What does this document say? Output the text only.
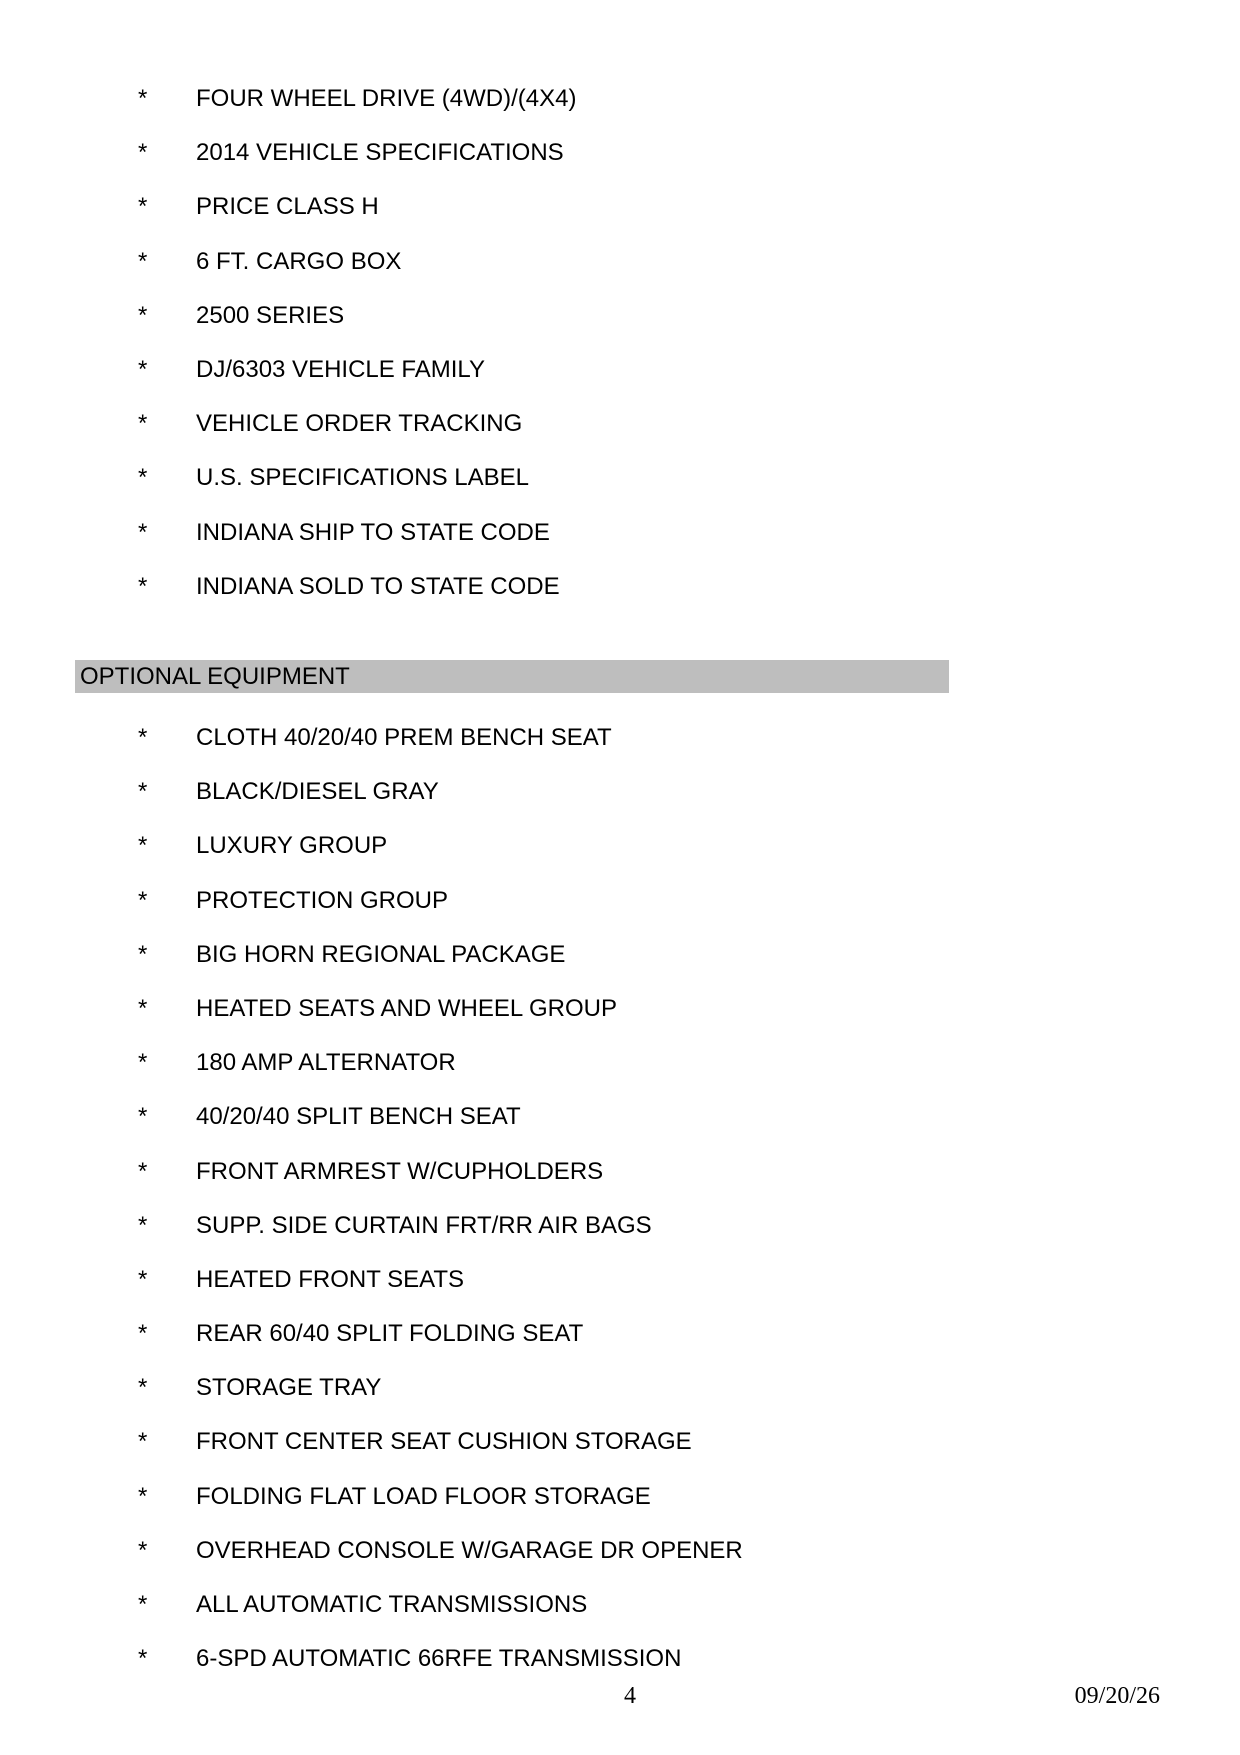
* FOUR WHEEL DRIVE (4WD)/(4X4)
* 2014 VEHICLE SPECIFICATIONS
* PRICE CLASS H
* 6 FT. CARGO BOX
* 2500 SERIES
* DJ/6303 VEHICLE FAMILY
* VEHICLE ORDER TRACKING
* U.S. SPECIFICATIONS LABEL
* INDIANA SHIP TO STATE CODE
* INDIANA SOLD TO STATE CODE
OPTIONAL EQUIPMENT
* CLOTH 40/20/40 PREM BENCH SEAT
* BLACK/DIESEL GRAY
* LUXURY GROUP
* PROTECTION GROUP
* BIG HORN REGIONAL PACKAGE
* HEATED SEATS AND WHEEL GROUP
* 180 AMP ALTERNATOR
* 40/20/40 SPLIT BENCH SEAT
* FRONT ARMREST W/CUPHOLDERS
* SUPP. SIDE CURTAIN FRT/RR AIR BAGS
* HEATED FRONT SEATS
* REAR 60/40 SPLIT FOLDING SEAT
* STORAGE TRAY
* FRONT CENTER SEAT CUSHION STORAGE
* FOLDING FLAT LOAD FLOOR STORAGE
* OVERHEAD CONSOLE W/GARAGE DR OPENER
* ALL AUTOMATIC TRANSMISSIONS
* 6-SPD AUTOMATIC 66RFE TRANSMISSION
4	09/20/26
